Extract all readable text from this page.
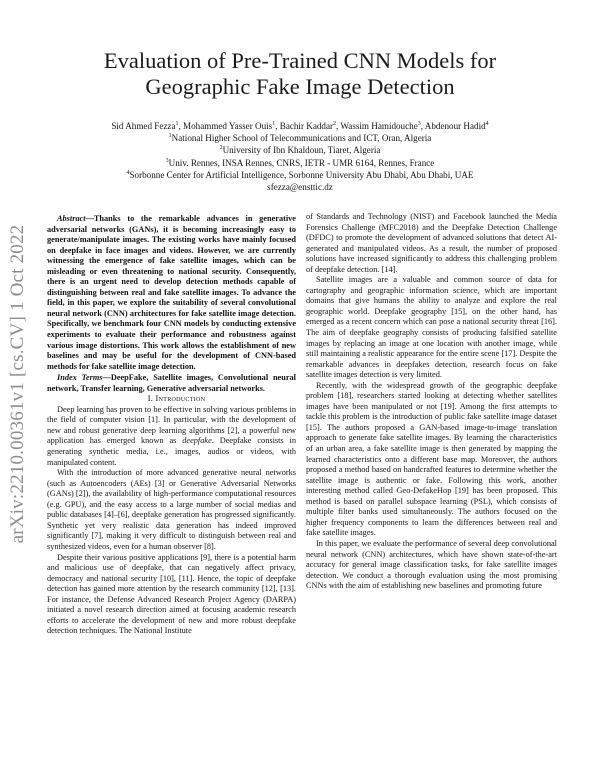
Evaluation of Pre-Trained CNN Models for Geographic Fake Image Detection
Sid Ahmed Fezza$^1$, Mohammed Yasser Ouis$^1$, Bachir Kaddar$^2$, Wassim Hamidouche$^3$, Abdenour Hadid$^4$
$^1$National Higher School of Telecommunications and ICT, Oran, Algeria
$^2$University of Ibn Khaldoun, Tiaret, Algeria
$^3$Univ. Rennes, INSA Rennes, CNRS, IETR - UMR 6164, Rennes, France
$^4$Sorbonne Center for Artificial Intelligence, Sorbonne University Abu Dhabi, Abu Dhabi, UAE
sfezza@ensttic.dz
arXiv:2210.00361v1 [cs.CV] 1 Oct 2022

Abstract—Thanks to the remarkable advances in generative adversarial networks (GANs), it is becoming increasingly easy to generate/manipulate images. The existing works have mainly focused on deepfake in face images and videos. However, we are currently witnessing the emergence of fake satellite images, which can be misleading or even threatening to national security. Consequently, there is an urgent need to develop detection methods capable of distinguishing between real and fake satellite images. To advance the field, in this paper, we explore the suitability of several convolutional neural network (CNN) architectures for fake satellite image detection. Specifically, we benchmark four CNN models by conducting extensive experiments to evaluate their performance and robustness against various image distortions. This work allows the establishment of new baselines and may be useful for the development of CNN-based methods for fake satellite image detection.

Index Terms—DeepFake, Satellite images, Convolutional neural network, Transfer learning, Generative adversarial networks.

I. Introduction

Deep learning has proven to be effective in solving various problems in the field of computer vision [1]. In particular, with the development of new and robust generative deep learning algorithms [2], a powerful new application has emerged known as deepfake. Deepfake consists in generating synthetic media, i.e., images, audios or videos, with manipulated content.

With the introduction of more advanced generative neural networks (such as Autoencoders (AEs) [3] or Generative Adversarial Networks (GANs) [2]), the availability of high-performance computational resources (e.g. GPU), and the easy access to a large number of social medias and public databases [4]–[6], deepfake generation has progressed significantly. Synthetic yet very realistic data generation has indeed improved significantly [7], making it very difficult to distinguish between real and synthesized videos, even for a human observer [8].

Despite their various positive applications [9], there is a potential harm and malicious use of deepfake, that can negatively affect privacy, democracy and national security [10], [11]. Hence, the topic of deepfake detection has gained more attention by the research community [12], [13]. For instance, the Defense Advanced Research Project Agency (DARPA) initiated a novel research direction aimed at focusing academic research efforts to accelerate the development of new and more robust deepfake detection techniques. The National Institute

of Standards and Technology (NIST) and Facebook launched the Media Forensics Challenge (MFC2018) and the Deepfake Detection Challenge (DFDC) to promote the development of advanced solutions that detect AI-generated and manipulated videos. As a result, the number of proposed solutions have increased significantly to address this challenging problem of deepfake detection. [14].

Satellite images are a valuable and common source of data for cartography and geographic information science, which are important domains that give humans the ability to analyze and explore the real geographic world. Deepfake geography [15], on the other hand, has emerged as a recent concern which can pose a national security threat [16]. The aim of deepfake geography consists of producing falsified satellite images by replacing an image at one location with another image, while still maintaining a realistic appearance for the entire scene [17]. Despite the remarkable advances in deepfakes detection, research focus on fake satellite images detection is very limited.

Recently, with the widespread growth of the geographic deepfake problem [18], researchers started looking at detecting whether satellites images have been manipulated or not [19]. Among the first attempts to tackle this problem is the introduction of public fake satellite image dataset [15]. The authors proposed a GAN-based image-to-image translation approach to generate fake satellite images. By learning the characteristics of an urban area, a fake satellite image is then generated by mapping the learned characteristics onto a different base map. Moreover, the authors proposed a method based on handcrafted features to determine whether the satellite image is authentic or fake. Following this work, another interesting method called Geo-DefakeHop [19] has been proposed. This method is based on parallel subspace learning (PSL), which consists of multiple filter banks used simultaneously. The authors focused on the higher frequency components to learn the differences between real and fake satellite images.

In this paper, we evaluate the performance of several deep convolutional neural network (CNN) architectures, which have shown state-of-the-art accuracy for general image classification tasks, for fake satellite images detection. We conduct a thorough evaluation using the most promising CNNs with the aim of establishing new baselines and promoting future
